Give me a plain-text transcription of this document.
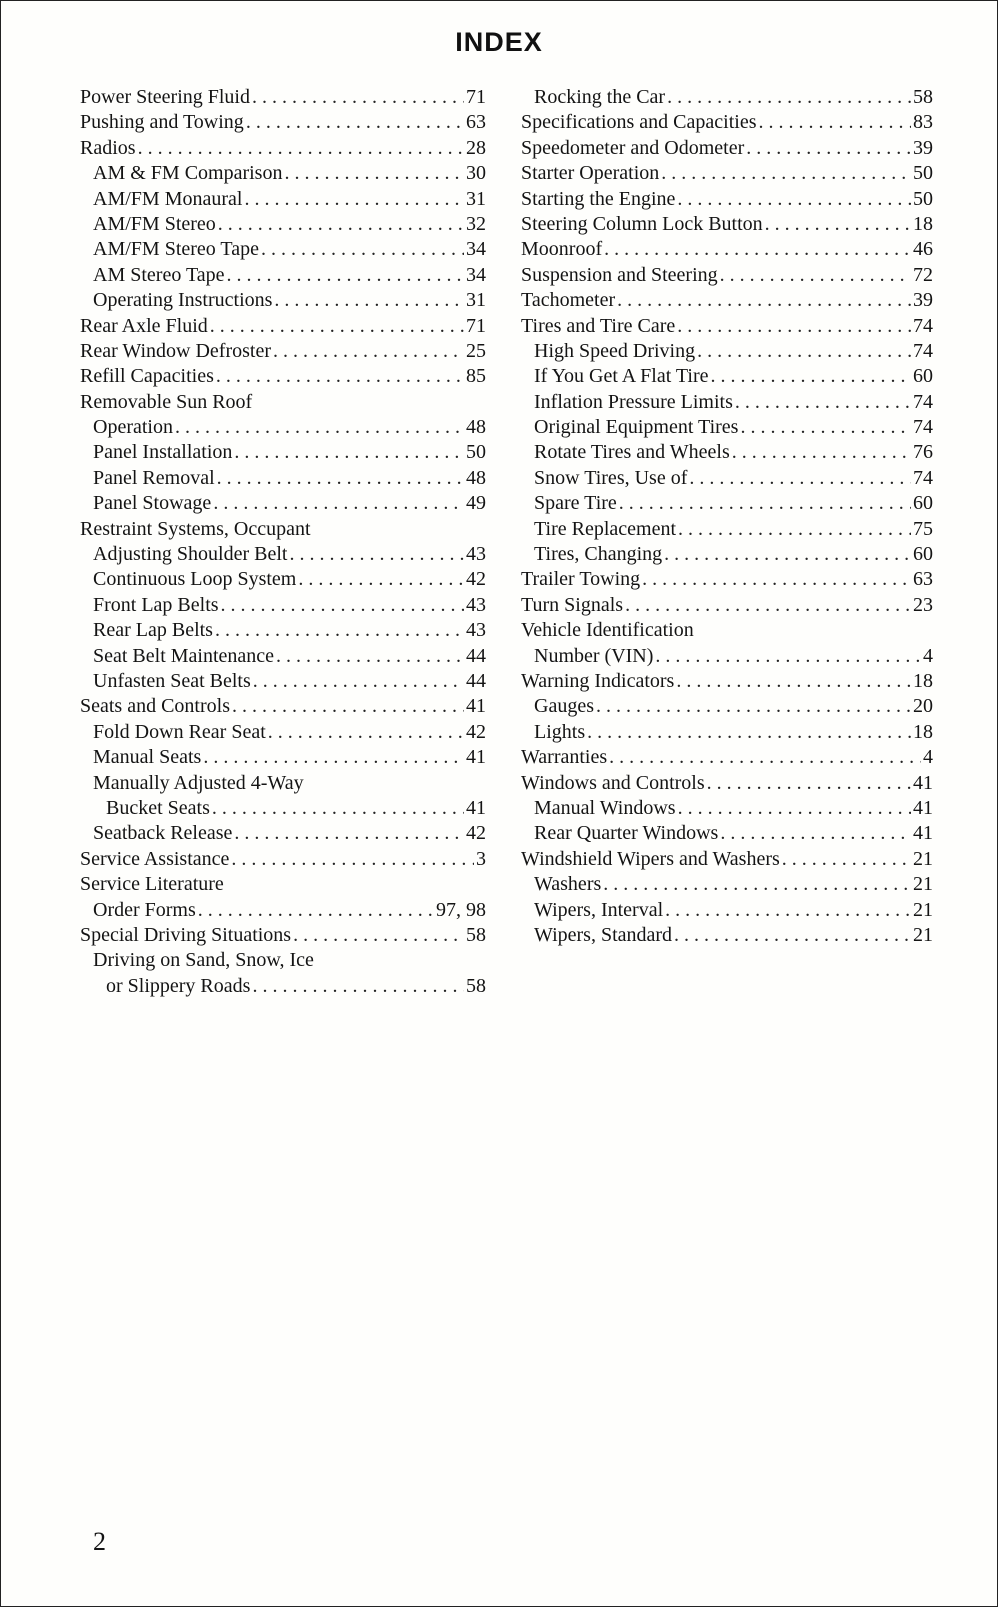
INDEX
Power Steering Fluid . . .	71
Pushing and Towing . . .	63
Radios . . .	28
AM & FM Comparison . . .	30
AM/FM Monaural . . .	31
AM/FM Stereo . . .	32
AM/FM Stereo Tape . . .	34
AM Stereo Tape . . .	34
Operating Instructions . . .	31
Rear Axle Fluid . . .	71
Rear Window Defroster . . .	25
Refill Capacities . . .	85
Removable Sun Roof
Operation . . .	48
Panel Installation . . .	50
Panel Removal . . .	48
Panel Stowage . . .	49
Restraint Systems, Occupant
Adjusting Shoulder Belt . . .	43
Continuous Loop System . . .	42
Front Lap Belts . . .	43
Rear Lap Belts . . .	43
Seat Belt Maintenance . . .	44
Unfasten Seat Belts . . .	44
Seats and Controls . . .	41
Fold Down Rear Seat . . .	42
Manual Seats . . .	41
Manually Adjusted 4-Way
Bucket Seats . . .	41
Seatback Release . . .	42
Service Assistance . . .	3
Service Literature
Order Forms . . .	97, 98
Special Driving Situations . . .	58
Driving on Sand, Snow, Ice
or Slippery Roads . . .	58
Rocking the Car . . .	58
Specifications and Capacities . . .	83
Speedometer and Odometer . . .	39
Starter Operation . . .	50
Starting the Engine . . .	50
Steering Column Lock Button . . .	18
Moonroof . . .	46
Suspension and Steering . . .	72
Tachometer . . .	39
Tires and Tire Care . . .	74
High Speed Driving . . .	74
If You Get A Flat Tire . . .	60
Inflation Pressure Limits . . .	74
Original Equipment Tires . . .	74
Rotate Tires and Wheels . . .	76
Snow Tires, Use of . . .	74
Spare Tire . . .	60
Tire Replacement . . .	75
Tires, Changing . . .	60
Trailer Towing . . .	63
Turn Signals . . .	23
Vehicle Identification
Number (VIN) . . .	4
Warning Indicators . . .	18
Gauges . . .	20
Lights . . .	18
Warranties . . .	4
Windows and Controls . . .	41
Manual Windows . . .	41
Rear Quarter Windows . . .	41
Windshield Wipers and Washers . . .	21
Washers . . .	21
Wipers, Interval . . .	21
Wipers, Standard . . .	21
2
